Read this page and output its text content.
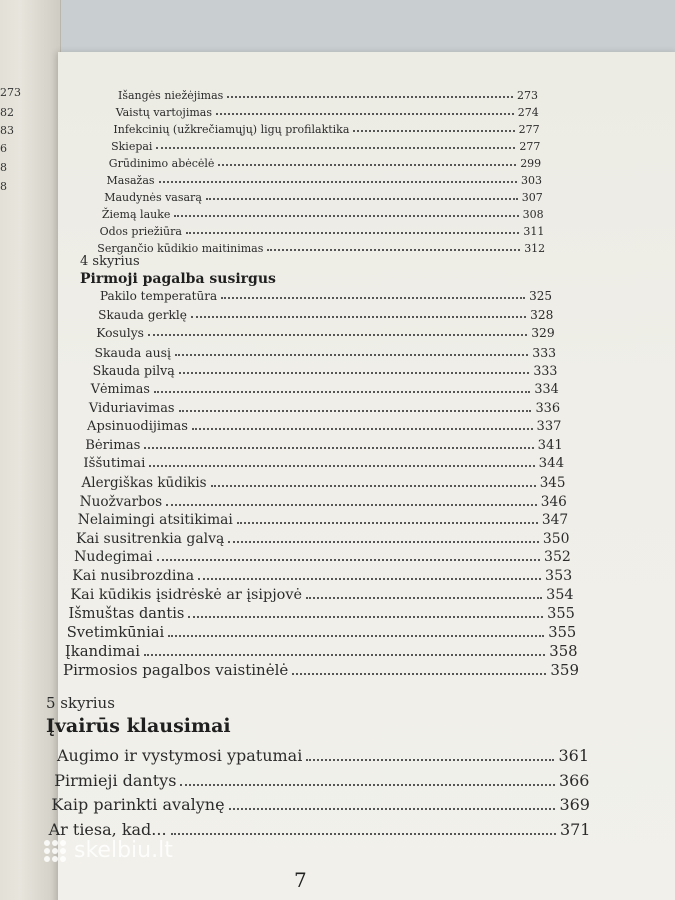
273
82
83
6
8
8
Išangės niežėjimas	273
Vaistų vartojimas	274
Infekcinių (užkrečiamųjų) ligų profilaktika	277
Skiepai	277
Grūdinimo abėcėlė	299
Masažas	303
Maudynės vasarą	307
Žiemą lauke	308
Odos priežiūra	311
Sergančio kūdikio maitinimas	312
4 skyrius
Pirmoji pagalba susirgus
Pakilo temperatūra	325
Skauda gerklę	328
Kosulys	329
Skauda ausį	333
Skauda pilvą	333
Vėmimas	334
Viduriavimas	336
Apsinuodijimas	337
Bėrimas	341
Iššutimai	344
Alergiškas kūdikis	345
Nuožvarbos	346
Nelaimingi atsitikimai	347
Kai susitrenkia galvą	350
Nudegimai	352
Kai nusibrozdina	353
Kai kūdikis įsidrėskė ar įsipjovė	354
Išmuštas dantis	355
Svetimkūniai	355
Įkandimai	358
Pirmosios pagalbos vaistinėlė	359
5 skyrius
Įvairūs klausimai
Augimo ir vystymosi ypatumai	361
Pirmieji dantys	366
Kaip parinkti avalynę	369
Ar tiesa, kad...	371
7
skelbiu.lt
